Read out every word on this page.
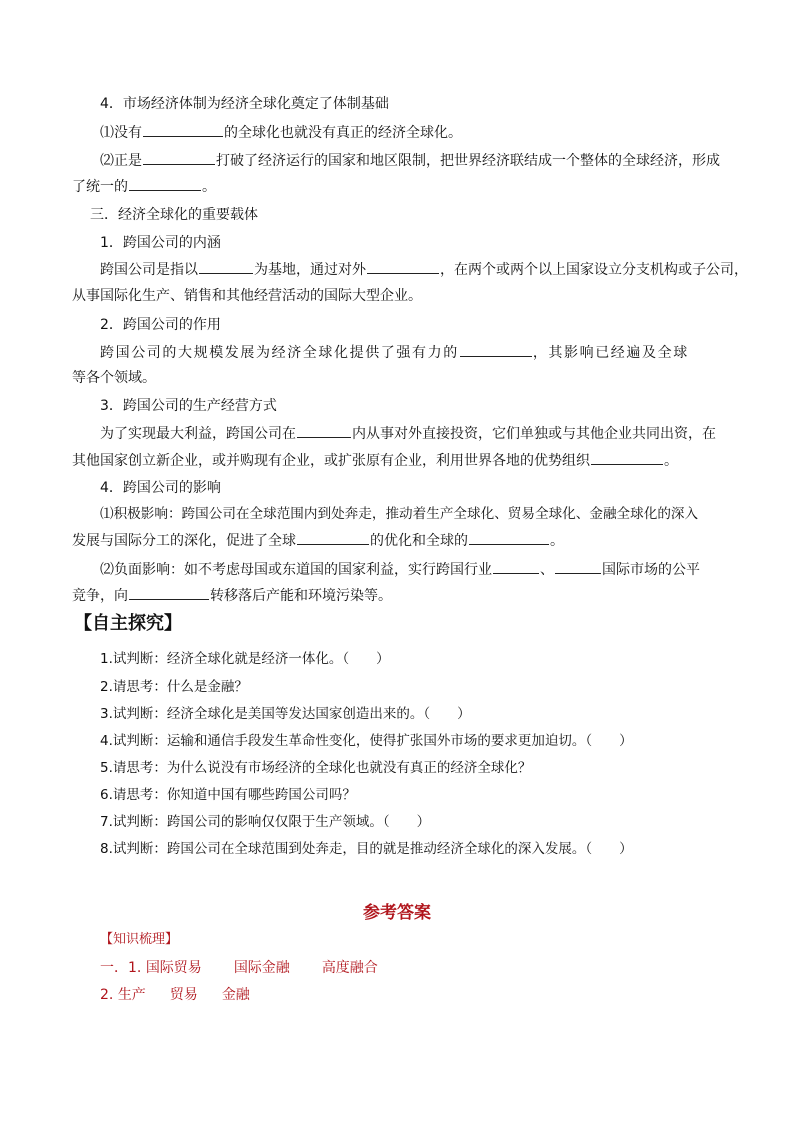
4．市场经济体制为经济全球化奠定了体制基础
⑴没有	的全球化也就没有真正的经济全球化。
⑵正是	打破了经济运行的国家和地区限制，把世界经济联结成一个整体的全球经济，形成
了统一的	。
三．经济全球化的重要载体
1．跨国公司的内涵
跨国公司是指以	为基地，通过对外	，在两个或两个以上国家设立分支机构或子公司，
从事国际化生产、销售和其他经营活动的国际大型企业。
2．跨国公司的作用
跨国公司的大规模发展为经济全球化提供了强有力的	，其影响已经遍及全球
等各个领域。
3．跨国公司的生产经营方式
为了实现最大利益，跨国公司在	内从事对外直接投资，它们单独或与其他企业共同出资，在
其他国家创立新企业，或并购现有企业，或扩张原有企业，利用世界各地的优势组织	。
4．跨国公司的影响
⑴积极影响：跨国公司在全球范围内到处奔走，推动着生产全球化、贸易全球化、金融全球化的深入
发展与国际分工的深化，促进了全球	的优化和全球的	。
⑵负面影响：如不考虑母国或东道国的国家利益，实行跨国行业	、	国际市场的公平
竞争，向	转移落后产能和环境污染等。
【自主探究】
1.试判断：经济全球化就是经济一体化。（　　）
2.请思考：什么是金融？
3.试判断：经济全球化是美国等发达国家创造出来的。（　　）
4.试判断：运输和通信手段发生革命性变化，使得扩张国外市场的要求更加迫切。（　　）
5.请思考：为什么说没有市场经济的全球化也就没有真正的经济全球化？
6.请思考：你知道中国有哪些跨国公司吗？
7.试判断：跨国公司的影响仅仅限于生产领域。（　　）
8.试判断：跨国公司在全球范围到处奔走，目的就是推动经济全球化的深入发展。（　　）
参考答案
【知识梳理】
一．1. 国际贸易 国际金融 高度融合
2. 生产 贸易 金融
